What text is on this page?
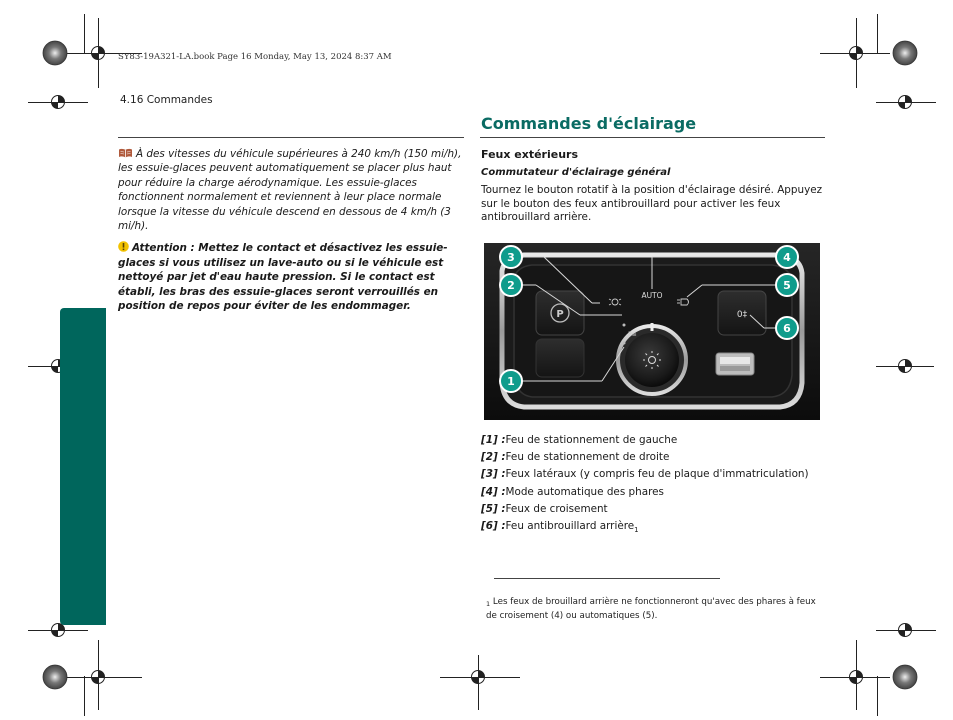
SY83-19A321-LA.book Page 16 Monday, May 13, 2024 8:37 AM
4.16 Commandes

À des vitesses du véhicule supérieures à 240 km/h (150 mi/h), les essuie-glaces peuvent automatiquement se placer plus haut pour réduire la charge aérodynamique. Les essuie-glaces fonctionnent normalement et reviennent à leur place normale lorsque la vitesse du véhicule descend en dessous de 4 km/h (3 mi/h).

Attention : Mettez le contact et désactivez les essuie-glaces si vous utilisez un lave-auto ou si le véhicule est nettoyé par jet d'eau haute pression. Si le contact est établi, les bras des essuie-glaces seront verrouillés en position de repos pour éviter de les endommager.

Commandes d'éclairage
Feux extérieurs
Commutateur d'éclairage général
Tournez le bouton rotatif à la position d'éclairage désiré. Appuyez sur le bouton des feux antibrouillard pour activer les feux antibrouillard arrière.
P	0‡
AUTO
P≡
3
2
1
4
5
6
[1] :Feu de stationnement de gauche
[2] :Feu de stationnement de droite
[3] :Feux latéraux (y compris feu de plaque d'immatriculation)
[4] :Mode automatique des phares
[5] :Feux de croisement
[6] :Feu antibrouillard arrière$_1$
$_1$ Les feux de brouillard arrière ne fonctionneront qu'avec des phares à feux de croisement (4) ou automatiques (5).
